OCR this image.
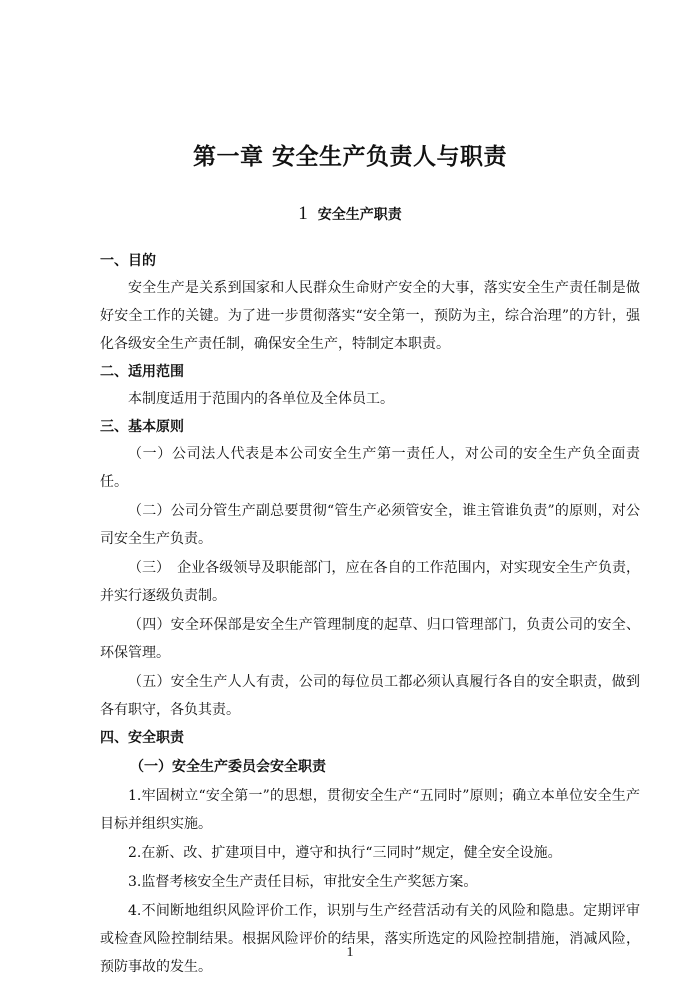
第一章 安全生产负责人与职责
1 安全生产职责
一、目的

安全生产是关系到国家和人民群众生命财产安全的大事，落实安全生产责任制是做好安全工作的关键。为了进一步贯彻落实“安全第一，预防为主，综合治理”的方针，强化各级安全生产责任制，确保安全生产，特制定本职责。

二、适用范围

本制度适用于范围内的各单位及全体员工。

三、基本原则

（一）公司法人代表是本公司安全生产第一责任人，对公司的安全生产负全面责任。

（二）公司分管生产副总要贯彻“管生产必须管安全，谁主管谁负责”的原则，对公司安全生产负责。

（三）　企业各级领导及职能部门，应在各自的工作范围内，对实现安全生产负责，并实行逐级负责制。

（四）安全环保部是安全生产管理制度的起草、归口管理部门，负责公司的安全、环保管理。

（五）安全生产人人有责，公司的每位员工都必须认真履行各自的安全职责，做到各有职守，各负其责。

四、安全职责
（一）安全生产委员会安全职责

1.牢固树立“安全第一”的思想，贯彻安全生产“五同时”原则；确立本单位安全生产目标并组织实施。

2.在新、改、扩建项目中，遵守和执行“三同时”规定，健全安全设施。

3.监督考核安全生产责任目标，审批安全生产奖惩方案。

4.不间断地组织风险评价工作，识别与生产经营活动有关的风险和隐患。定期评审或检查风险控制结果。根据风险评价的结果，落实所选定的风险控制措施，消减风险，预防事故的发生。

1
